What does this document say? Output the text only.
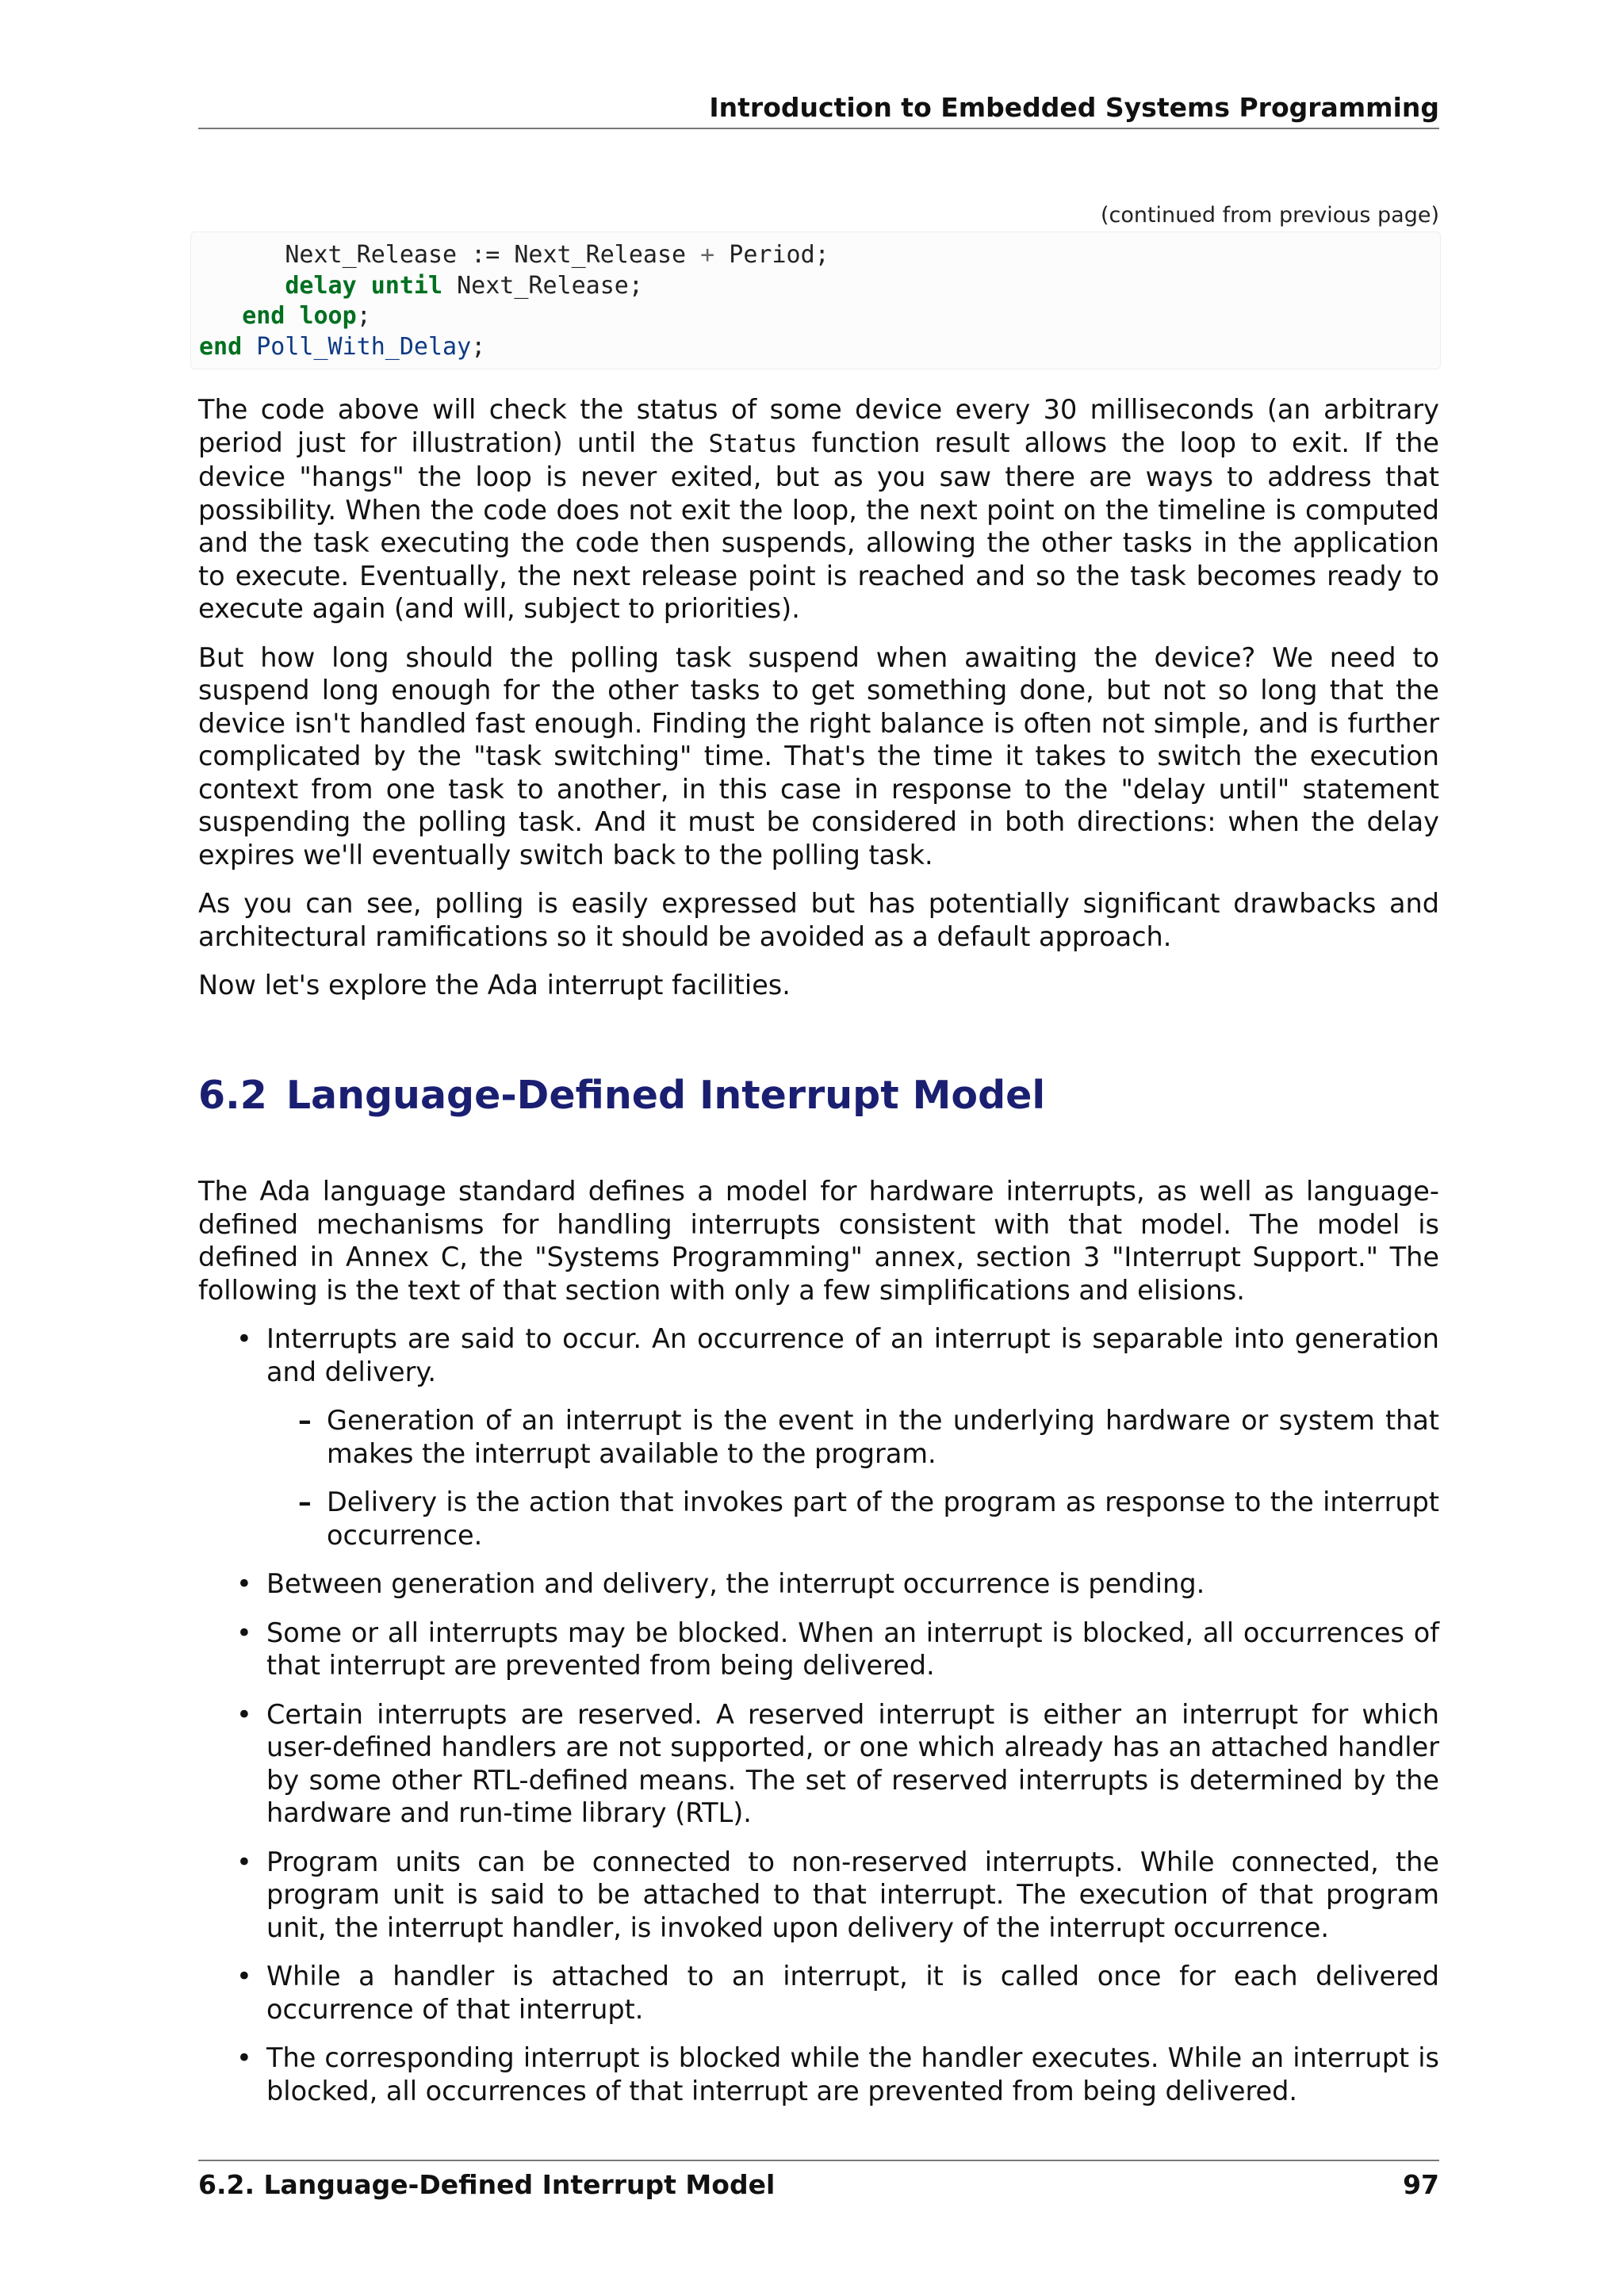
Introduction to Embedded Systems Programming
(continued from previous page)
Next_Release := Next_Release + Period;
delay until Next_Release;
end loop;
end Poll_With_Delay;

The code above will check the status of some device every 30 milliseconds (an arbitrary period just for illustration) until the Status function result allows the loop to exit. If the device "hangs" the loop is never exited, but as you saw there are ways to address that possibility. When the code does not exit the loop, the next point on the timeline is computed and the task executing the code then suspends, allowing the other tasks in the application to execute. Eventually, the next release point is reached and so the task becomes ready to execute again (and will, subject to priorities).

But how long should the polling task suspend when awaiting the device? We need to suspend long enough for the other tasks to get something done, but not so long that the device isn't handled fast enough. Finding the right balance is often not simple, and is further complicated by the "task switching" time. That's the time it takes to switch the execution context from one task to another, in this case in response to the "delay until" statement suspending the polling task. And it must be considered in both directions: when the delay expires we'll eventually switch back to the polling task.

As you can see, polling is easily expressed but has potentially significant drawbacks and architectural ramifications so it should be avoided as a default approach.

Now let's explore the Ada interrupt facilities.

6.2 Language-Defined Interrupt Model

The Ada language standard defines a model for hardware interrupts, as well as language-defined mechanisms for handling interrupts consistent with that model. The model is defined in Annex C, the "Systems Programming" annex, section 3 "Interrupt Support." The following is the text of that section with only a few simplifications and elisions.

• Interrupts are said to occur. An occurrence of an interrupt is separable into generation and delivery.
– Generation of an interrupt is the event in the underlying hardware or system that makes the interrupt available to the program.
– Delivery is the action that invokes part of the program as response to the interrupt occurrence.
• Between generation and delivery, the interrupt occurrence is pending.
• Some or all interrupts may be blocked. When an interrupt is blocked, all occurrences of that interrupt are prevented from being delivered.
• Certain interrupts are reserved. A reserved interrupt is either an interrupt for which user-defined handlers are not supported, or one which already has an attached handler by some other RTL-defined means. The set of reserved interrupts is determined by the hardware and run-time library (RTL).
• Program units can be connected to non-reserved interrupts. While connected, the program unit is said to be attached to that interrupt. The execution of that program unit, the interrupt handler, is invoked upon delivery of the interrupt occurrence.
• While a handler is attached to an interrupt, it is called once for each delivered occurrence of that interrupt.
• The corresponding interrupt is blocked while the handler executes. While an interrupt is blocked, all occurrences of that interrupt are prevented from being delivered.
6.2. Language-Defined Interrupt Model	97
